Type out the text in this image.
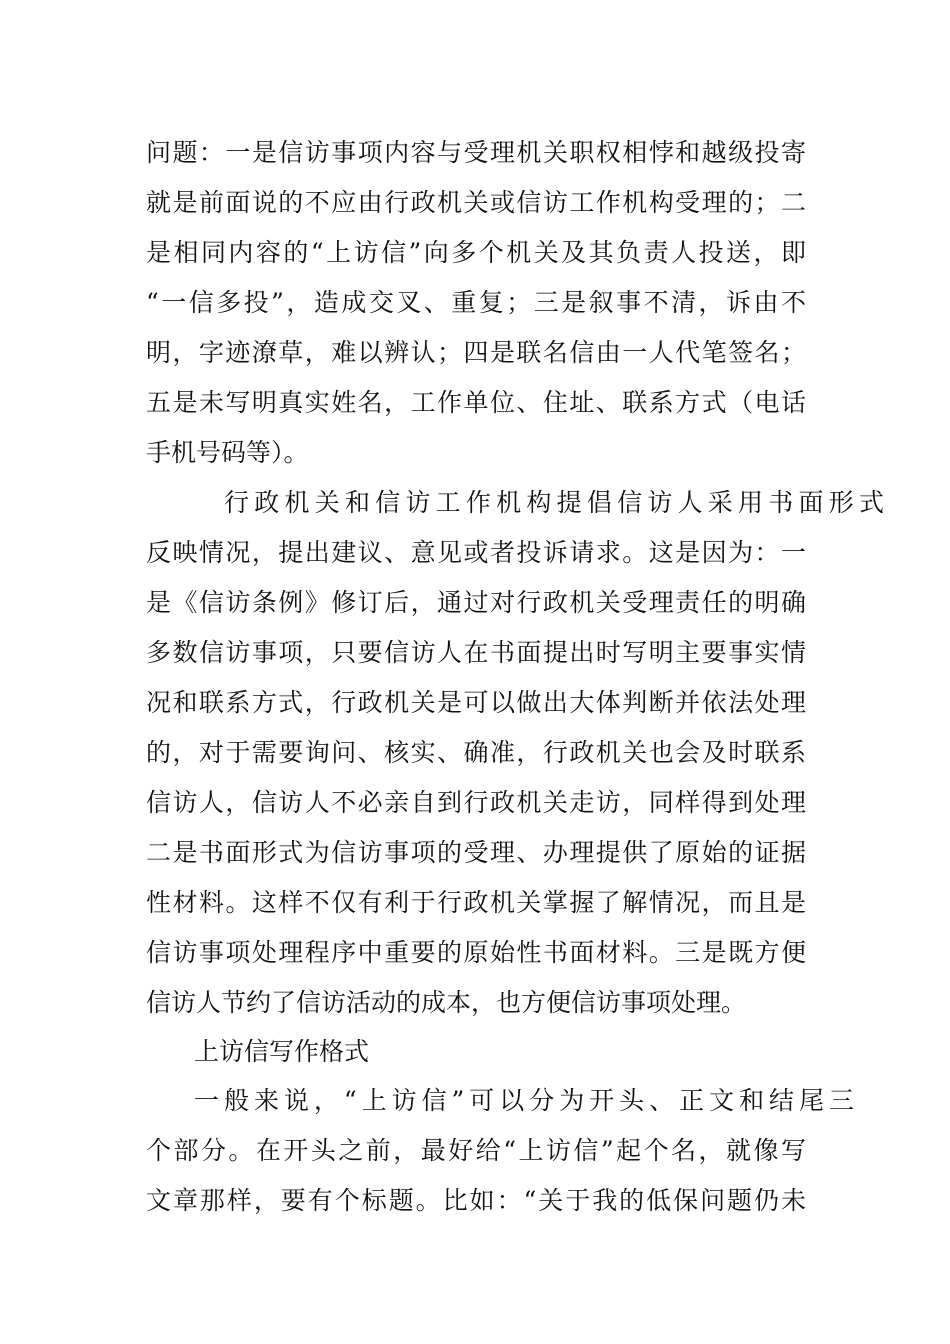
问题：一是信访事项内容与受理机关职权相悖和越级投寄
就是前面说的不应由行政机关或信访工作机构受理的；二
是相同内容的“上访信”向多个机关及其负责人投送，即
“一信多投”，造成交叉、重复；三是叙事不清，诉由不
明，字迹潦草，难以辨认；四是联名信由一人代笔签名；
五是未写明真实姓名，工作单位、住址、联系方式（电话
手机号码等）。
行政机关和信访工作机构提倡信访人采用书面形式
反映情况，提出建议、意见或者投诉请求。这是因为：一
是《信访条例》修订后，通过对行政机关受理责任的明确
多数信访事项，只要信访人在书面提出时写明主要事实情
况和联系方式，行政机关是可以做出大体判断并依法处理
的，对于需要询问、核实、确准，行政机关也会及时联系
信访人，信访人不必亲自到行政机关走访，同样得到处理
二是书面形式为信访事项的受理、办理提供了原始的证据
性材料。这样不仅有利于行政机关掌握了解情况，而且是
信访事项处理程序中重要的原始性书面材料。三是既方便
信访人节约了信访活动的成本，也方便信访事项处理。
上访信写作格式
一般来说，“上访信”可以分为开头、正文和结尾三
个部分。在开头之前，最好给“上访信”起个名，就像写
文章那样，要有个标题。比如：“关于我的低保问题仍未
